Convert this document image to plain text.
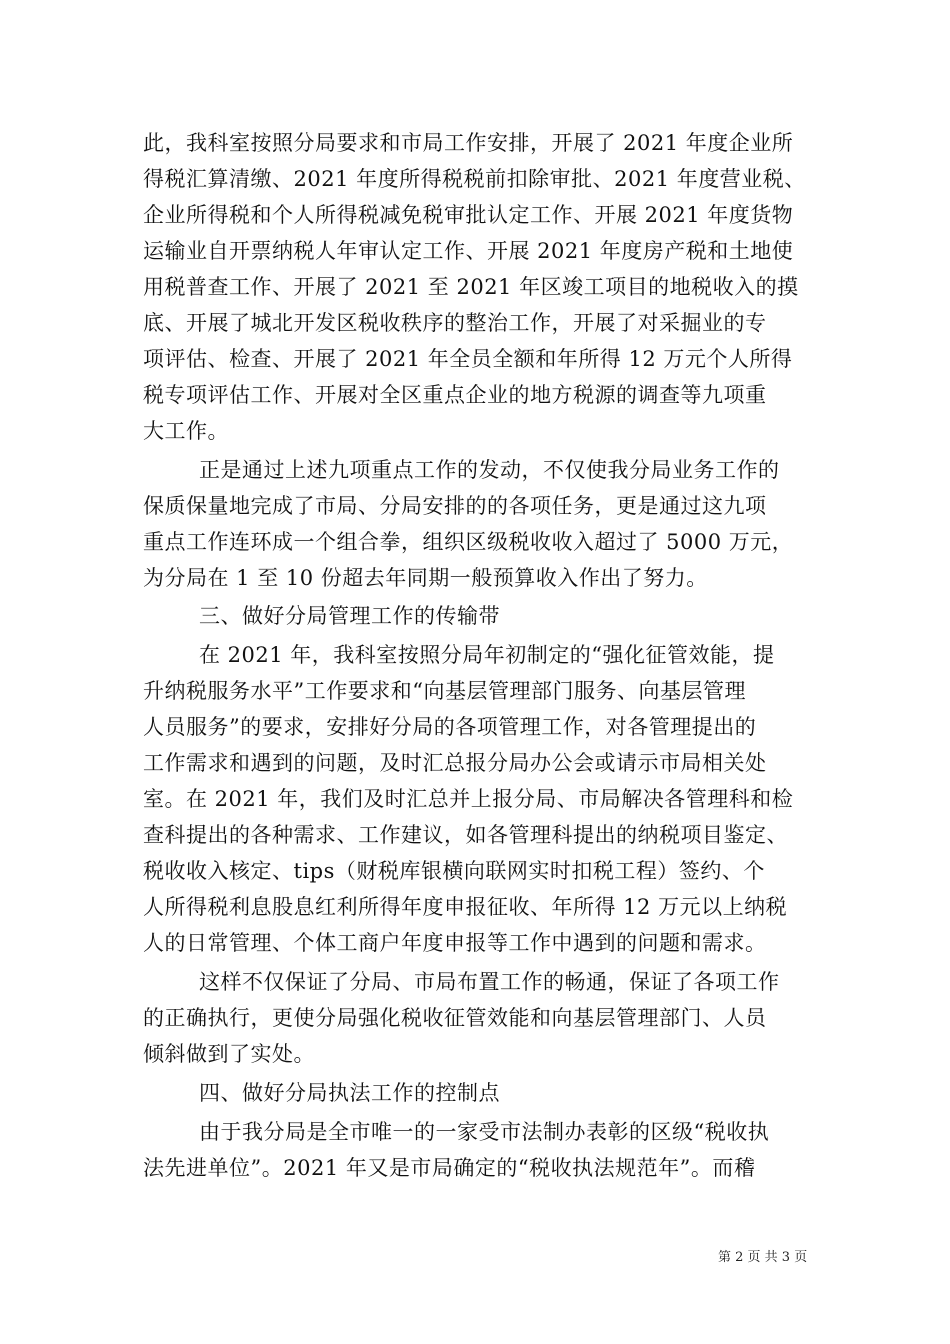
此，我科室按照分局要求和市局工作安排，开展了 2021 年度企业所
得税汇算清缴、2021 年度所得税税前扣除审批、2021 年度营业税、
企业所得税和个人所得税减免税审批认定工作、开展 2021 年度货物
运输业自开票纳税人年审认定工作、开展 2021 年度房产税和土地使
用税普查工作、开展了 2021 至 2021 年区竣工项目的地税收入的摸
底、开展了城北开发区税收秩序的整治工作，开展了对采掘业的专
项评估、检查、开展了 2021 年全员全额和年所得 12 万元个人所得
税专项评估工作、开展对全区重点企业的地方税源的调查等九项重
大工作。
正是通过上述九项重点工作的发动，不仅使我分局业务工作的
保质保量地完成了市局、分局安排的的各项任务，更是通过这九项
重点工作连环成一个组合拳，组织区级税收收入超过了 5000 万元，
为分局在 1 至 10 份超去年同期一般预算收入作出了努力。
三、做好分局管理工作的传输带
在 2021 年，我科室按照分局年初制定的“强化征管效能，提
升纳税服务水平”工作要求和“向基层管理部门服务、向基层管理
人员服务”的要求，安排好分局的各项管理工作，对各管理提出的
工作需求和遇到的问题，及时汇总报分局办公会或请示市局相关处
室。在 2021 年，我们及时汇总并上报分局、市局解决各管理科和检
查科提出的各种需求、工作建议，如各管理科提出的纳税项目鉴定、
税收收入核定、tips（财税库银横向联网实时扣税工程）签约、个
人所得税利息股息红利所得年度申报征收、年所得 12 万元以上纳税
人的日常管理、个体工商户年度申报等工作中遇到的问题和需求。
这样不仅保证了分局、市局布置工作的畅通，保证了各项工作
的正确执行，更使分局强化税收征管效能和向基层管理部门、人员
倾斜做到了实处。
四、做好分局执法工作的控制点
由于我分局是全市唯一的一家受市法制办表彰的区级“税收执
法先进单位”。2021 年又是市局确定的“税收执法规范年”。而稽
第 2 页 共 3 页
